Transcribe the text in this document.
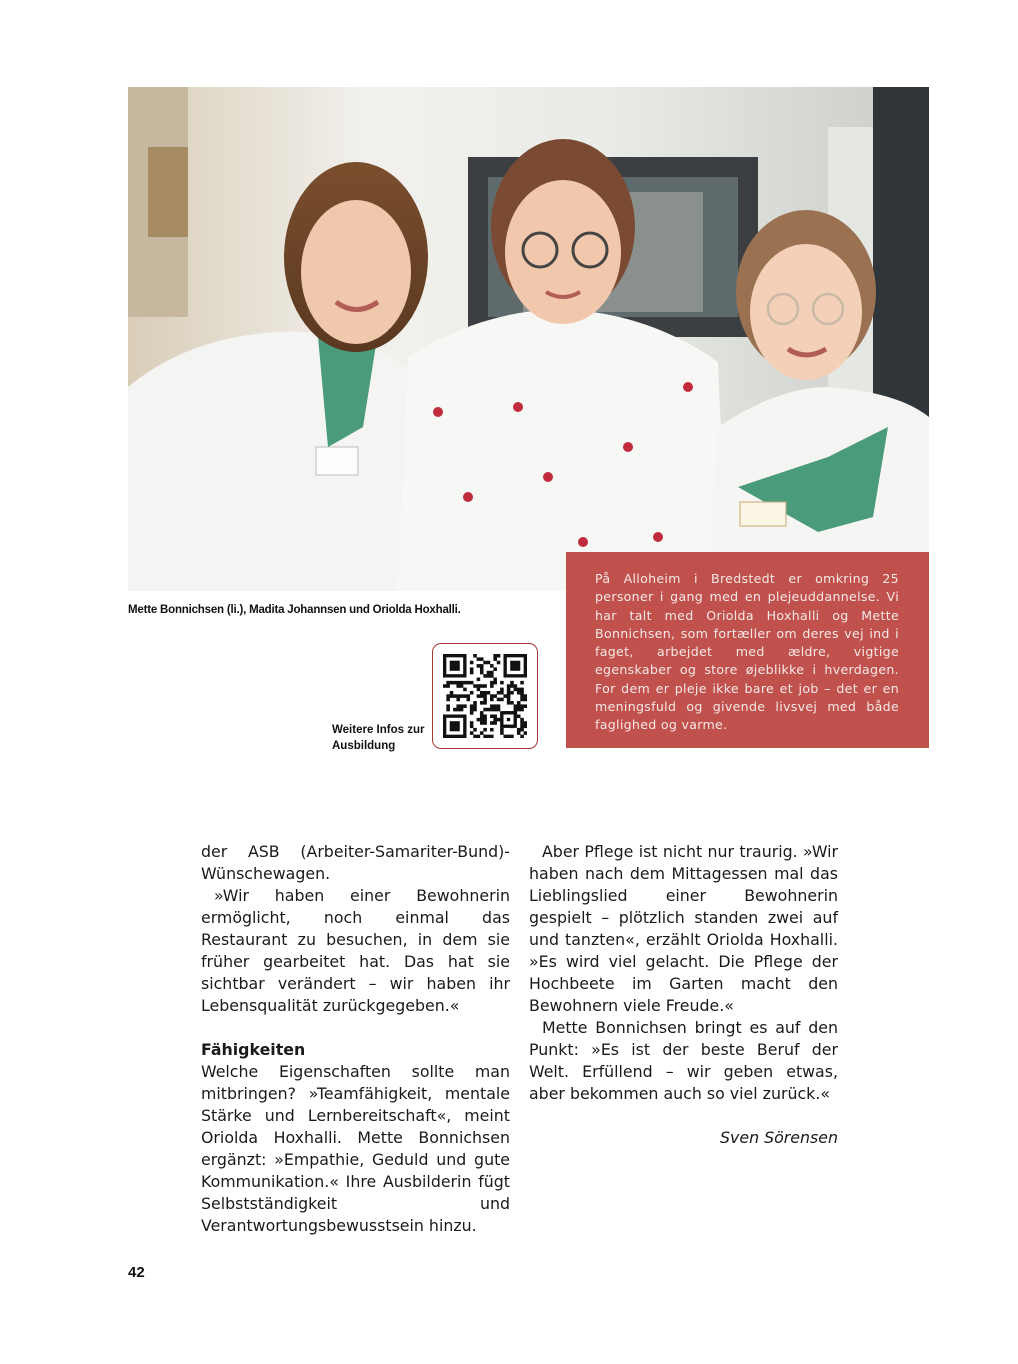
Mette Bonnichsen (li.), Madita Johannsen und Oriolda Hoxhalli.
Weitere Infos zur
Ausbildung

På Alloheim i Bredstedt er omkring 25 personer i gang med en plejeuddannelse. Vi har talt med Oriolda Hoxhalli og Mette Bonnichsen, som fortæller om deres vej ind i faget, arbejdet med ældre, vigtige egenskaber og store øjeblikke i hverdagen. For dem er pleje ikke bare et job – det er en meningsfuld og givende livsvej med både faglighed og varme.

der ASB (Arbeiter-Samariter-Bund)-Wünschewagen.

»Wir haben einer Bewohnerin ermöglicht, noch einmal das Restaurant zu besuchen, in dem sie früher gearbeitet hat. Das hat sie sichtbar verändert – wir haben ihr Lebensqualität zurückgegeben.«

Fähigkeiten

Welche Eigenschaften sollte man mitbringen? »Teamfähigkeit, mentale Stärke und Lernbereitschaft«, meint Oriolda Hoxhalli. Mette Bonnichsen ergänzt: »Empathie, Geduld und gute Kommunikation.« Ihre Ausbilderin fügt Selbstständigkeit und Verantwortungsbewusstsein hinzu.

Aber Pflege ist nicht nur traurig. »Wir haben nach dem Mittagessen mal das Lieblingslied einer Bewohnerin gespielt – plötzlich standen zwei auf und tanzten«, erzählt Oriolda Hoxhalli. »Es wird viel gelacht. Die Pflege der Hochbeete im Garten macht den Bewohnern viele Freude.«

Mette Bonnichsen bringt es auf den Punkt: »Es ist der beste Beruf der Welt. Erfüllend – wir geben etwas, aber bekommen auch so viel zurück.«

Sven Sörensen

42
